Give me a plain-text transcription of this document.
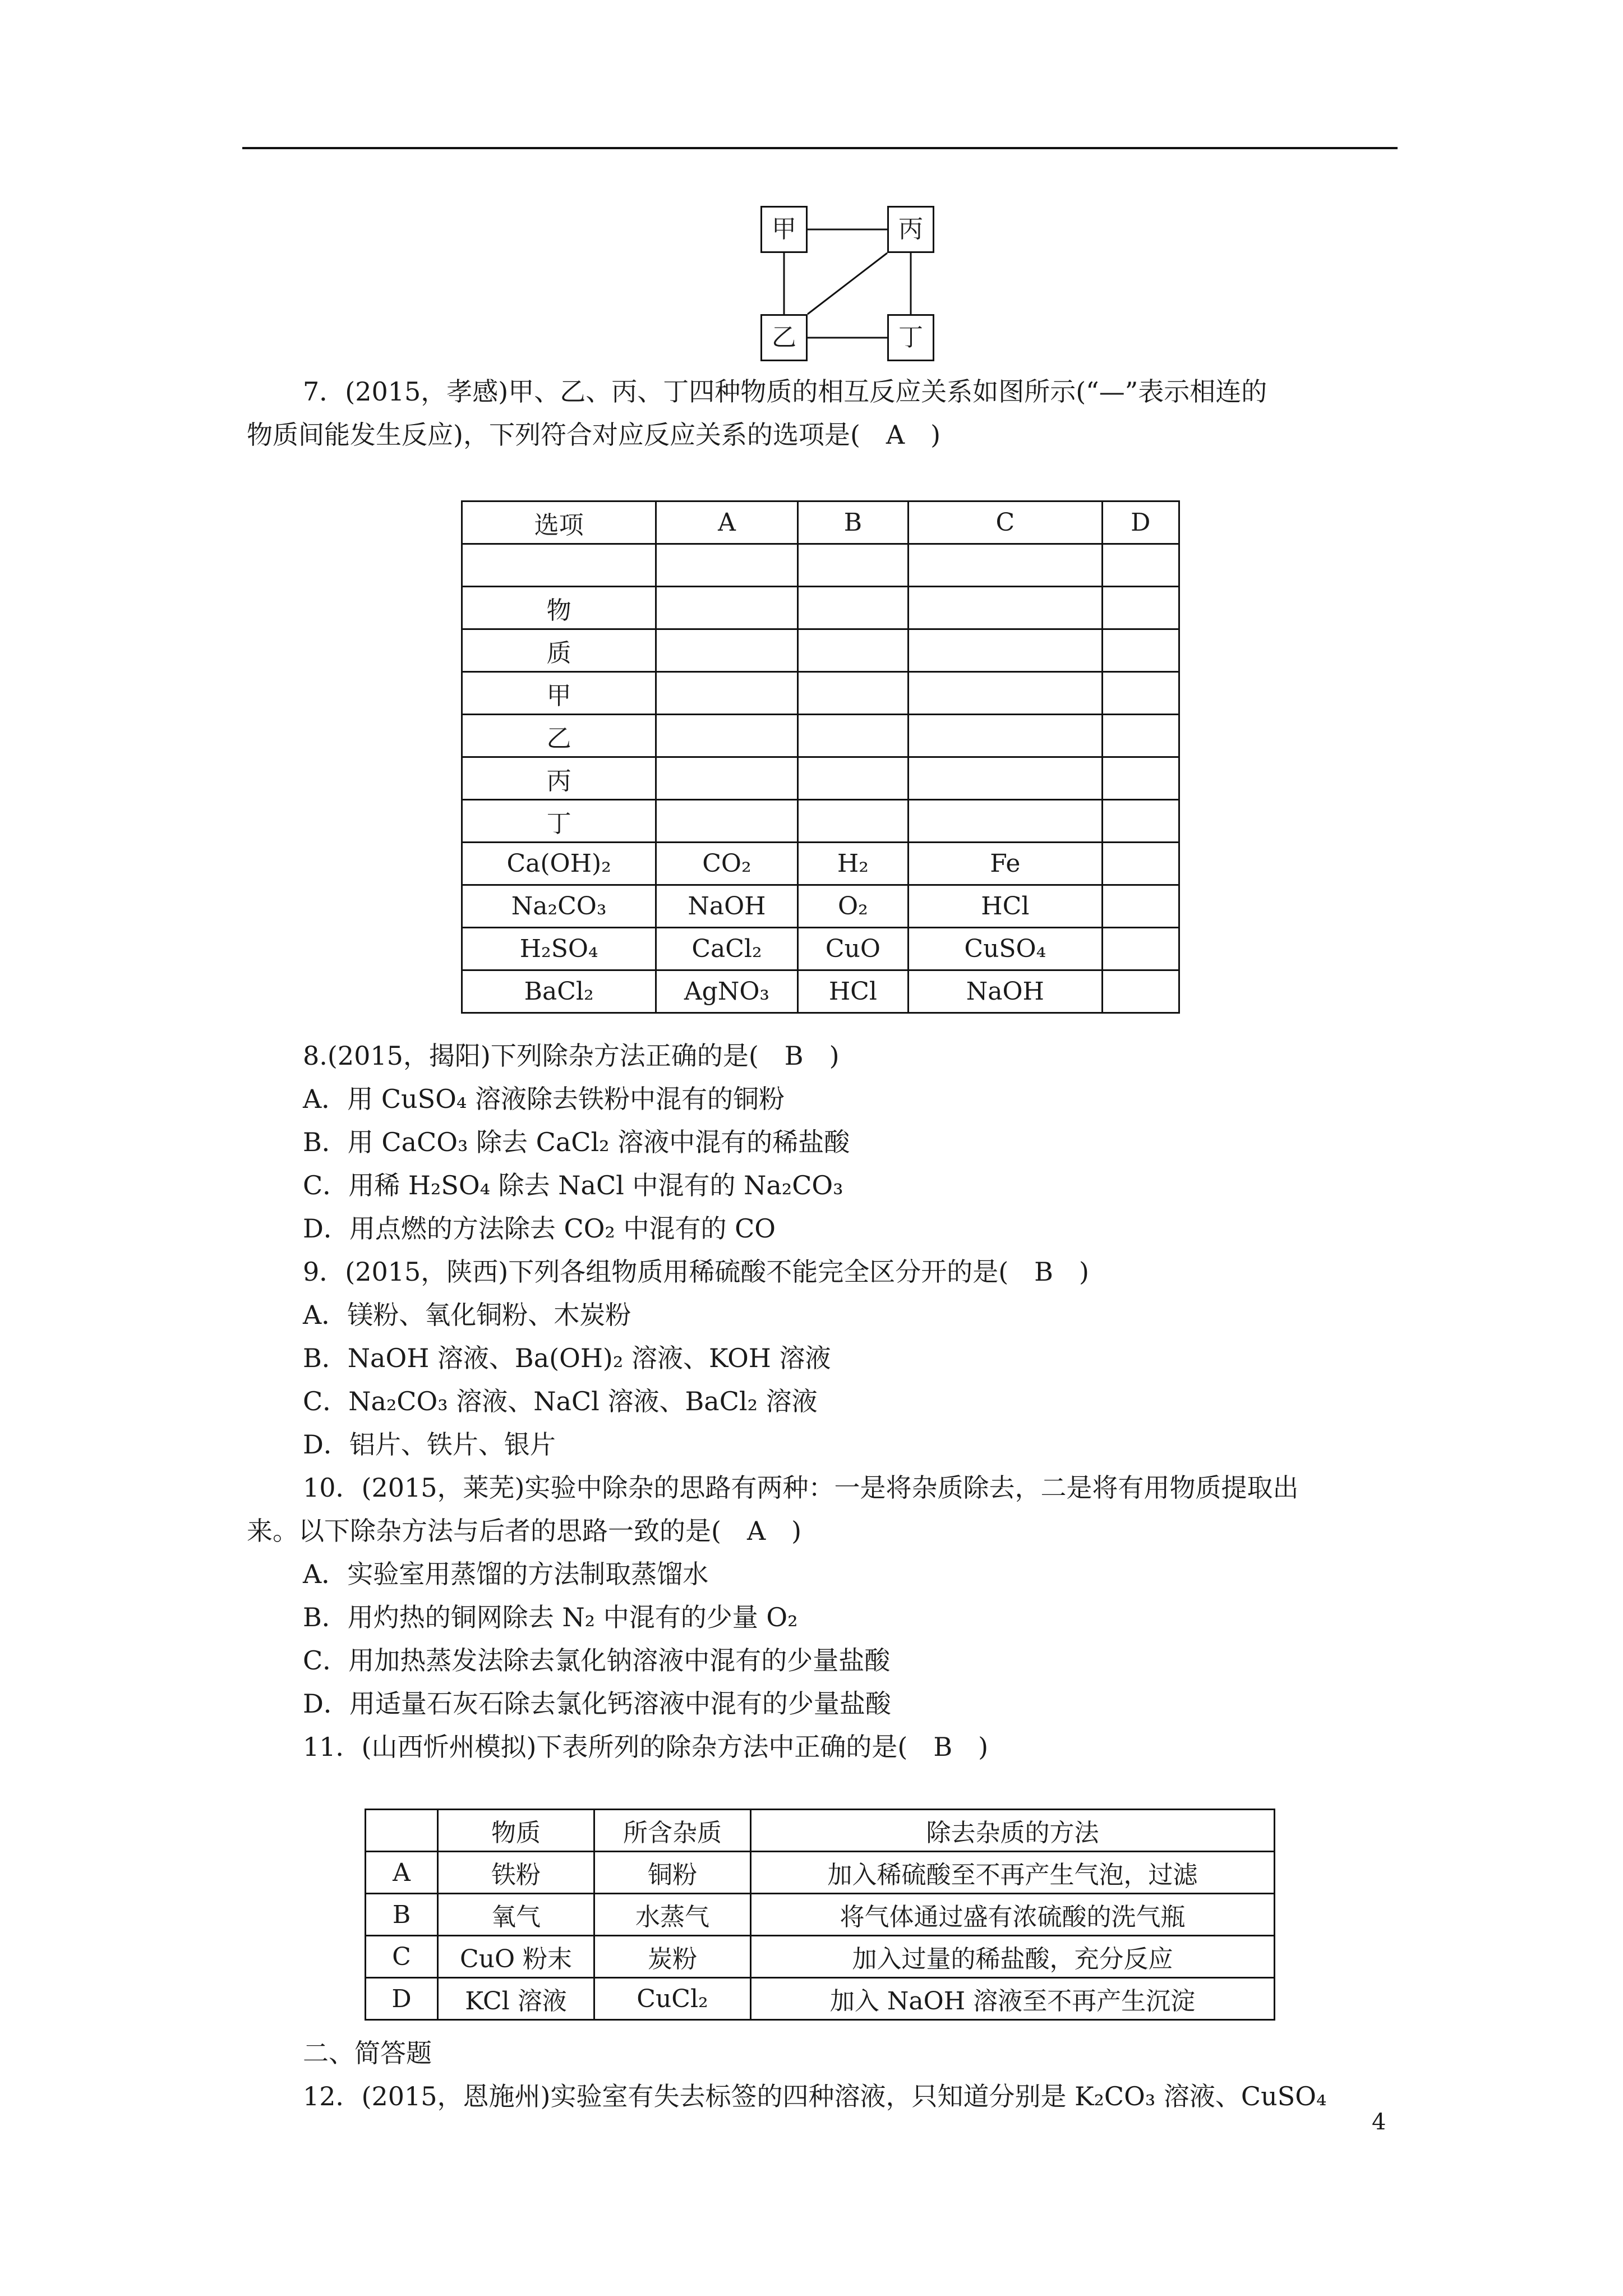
甲	丙
乙	丁
7．(2015，孝感)甲、乙、丙、丁四种物质的相互反应关系如图所示(“—”表示相连的
物质间能发生反应)，下列符合对应反应关系的选项是(　A　)
选项	A	B	C	D

物				
质				
甲				
乙				
丙				
丁				
Ca(OH)₂	CO₂	H₂	Fe	
Na₂CO₃	NaOH	O₂	HCl	
H₂SO₄	CaCl₂	CuO	CuSO₄	
BaCl₂	AgNO₃	HCl	NaOH	
8.(2015，揭阳)下列除杂方法正确的是(　B　)
A．用 CuSO₄ 溶液除去铁粉中混有的铜粉
B．用 CaCO₃ 除去 CaCl₂ 溶液中混有的稀盐酸
C．用稀 H₂SO₄ 除去 NaCl 中混有的 Na₂CO₃
D．用点燃的方法除去 CO₂ 中混有的 CO
9．(2015，陕西)下列各组物质用稀硫酸不能完全区分开的是(　B　)
A．镁粉、氧化铜粉、木炭粉
B．NaOH 溶液、Ba(OH)₂ 溶液、KOH 溶液
C．Na₂CO₃ 溶液、NaCl 溶液、BaCl₂ 溶液
D．铝片、铁片、银片
10．(2015，莱芜)实验中除杂的思路有两种：一是将杂质除去，二是将有用物质提取出
来。以下除杂方法与后者的思路一致的是(　A　)
A．实验室用蒸馏的方法制取蒸馏水
B．用灼热的铜网除去 N₂ 中混有的少量 O₂
C．用加热蒸发法除去氯化钠溶液中混有的少量盐酸
D．用适量石灰石除去氯化钙溶液中混有的少量盐酸
11．(山西忻州模拟)下表所列的除杂方法中正确的是(　B　)
	物质	所含杂质	除去杂质的方法
A	铁粉	铜粉	加入稀硫酸至不再产生气泡，过滤
B	氧气	水蒸气	将气体通过盛有浓硫酸的洗气瓶
C	CuO 粉末	炭粉	加入过量的稀盐酸，充分反应
D	KCl 溶液	CuCl₂	加入 NaOH 溶液至不再产生沉淀
二、简答题
12．(2015，恩施州)实验室有失去标签的四种溶液，只知道分别是 K₂CO₃ 溶液、CuSO₄
4
